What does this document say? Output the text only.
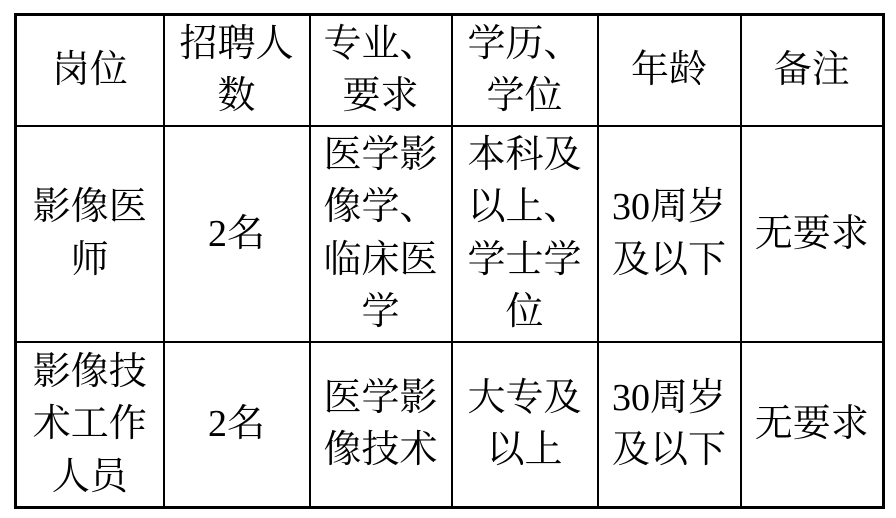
岗位	招聘人数	专业、要求	学历、学位	年龄	备注
影像医师	2名	医学影像学、临床医学	本科及以上、学士学位	30周岁及以下	无要求
影像技术工作人员	2名	医学影像技术	大专及以上	30周岁及以下	无要求
